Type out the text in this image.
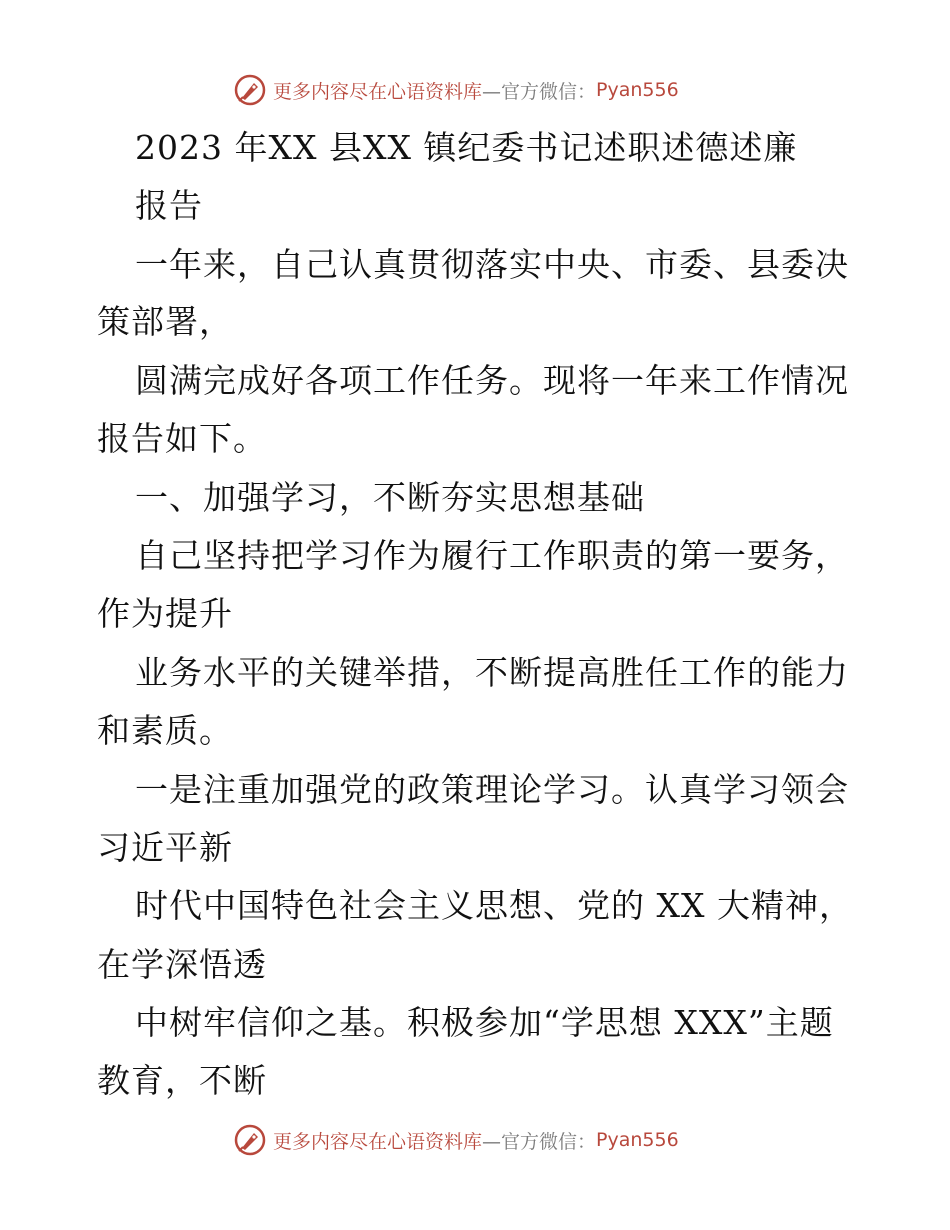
更多内容尽在心语资料库 —官方微信： Pyan556
2023 年XX 县XX 镇纪委书记述职述德述廉
报告
一年来，自己认真贯彻落实中央、市委、县委决
策部署，
圆满完成好各项工作任务。现将一年来工作情况
报告如下。
一、加强学习，不断夯实思想基础
自己坚持把学习作为履行工作职责的第一要务，
作为提升
业务水平的关键举措，不断提高胜任工作的能力
和素质。
一是注重加强党的政策理论学习。认真学习领会
习近平新
时代中国特色社会主义思想、党的 XX 大精神，
在学深悟透
中树牢信仰之基。积极参加“学思想 XXX”主题
教育，不断
更多内容尽在心语资料库 —官方微信： Pyan556
